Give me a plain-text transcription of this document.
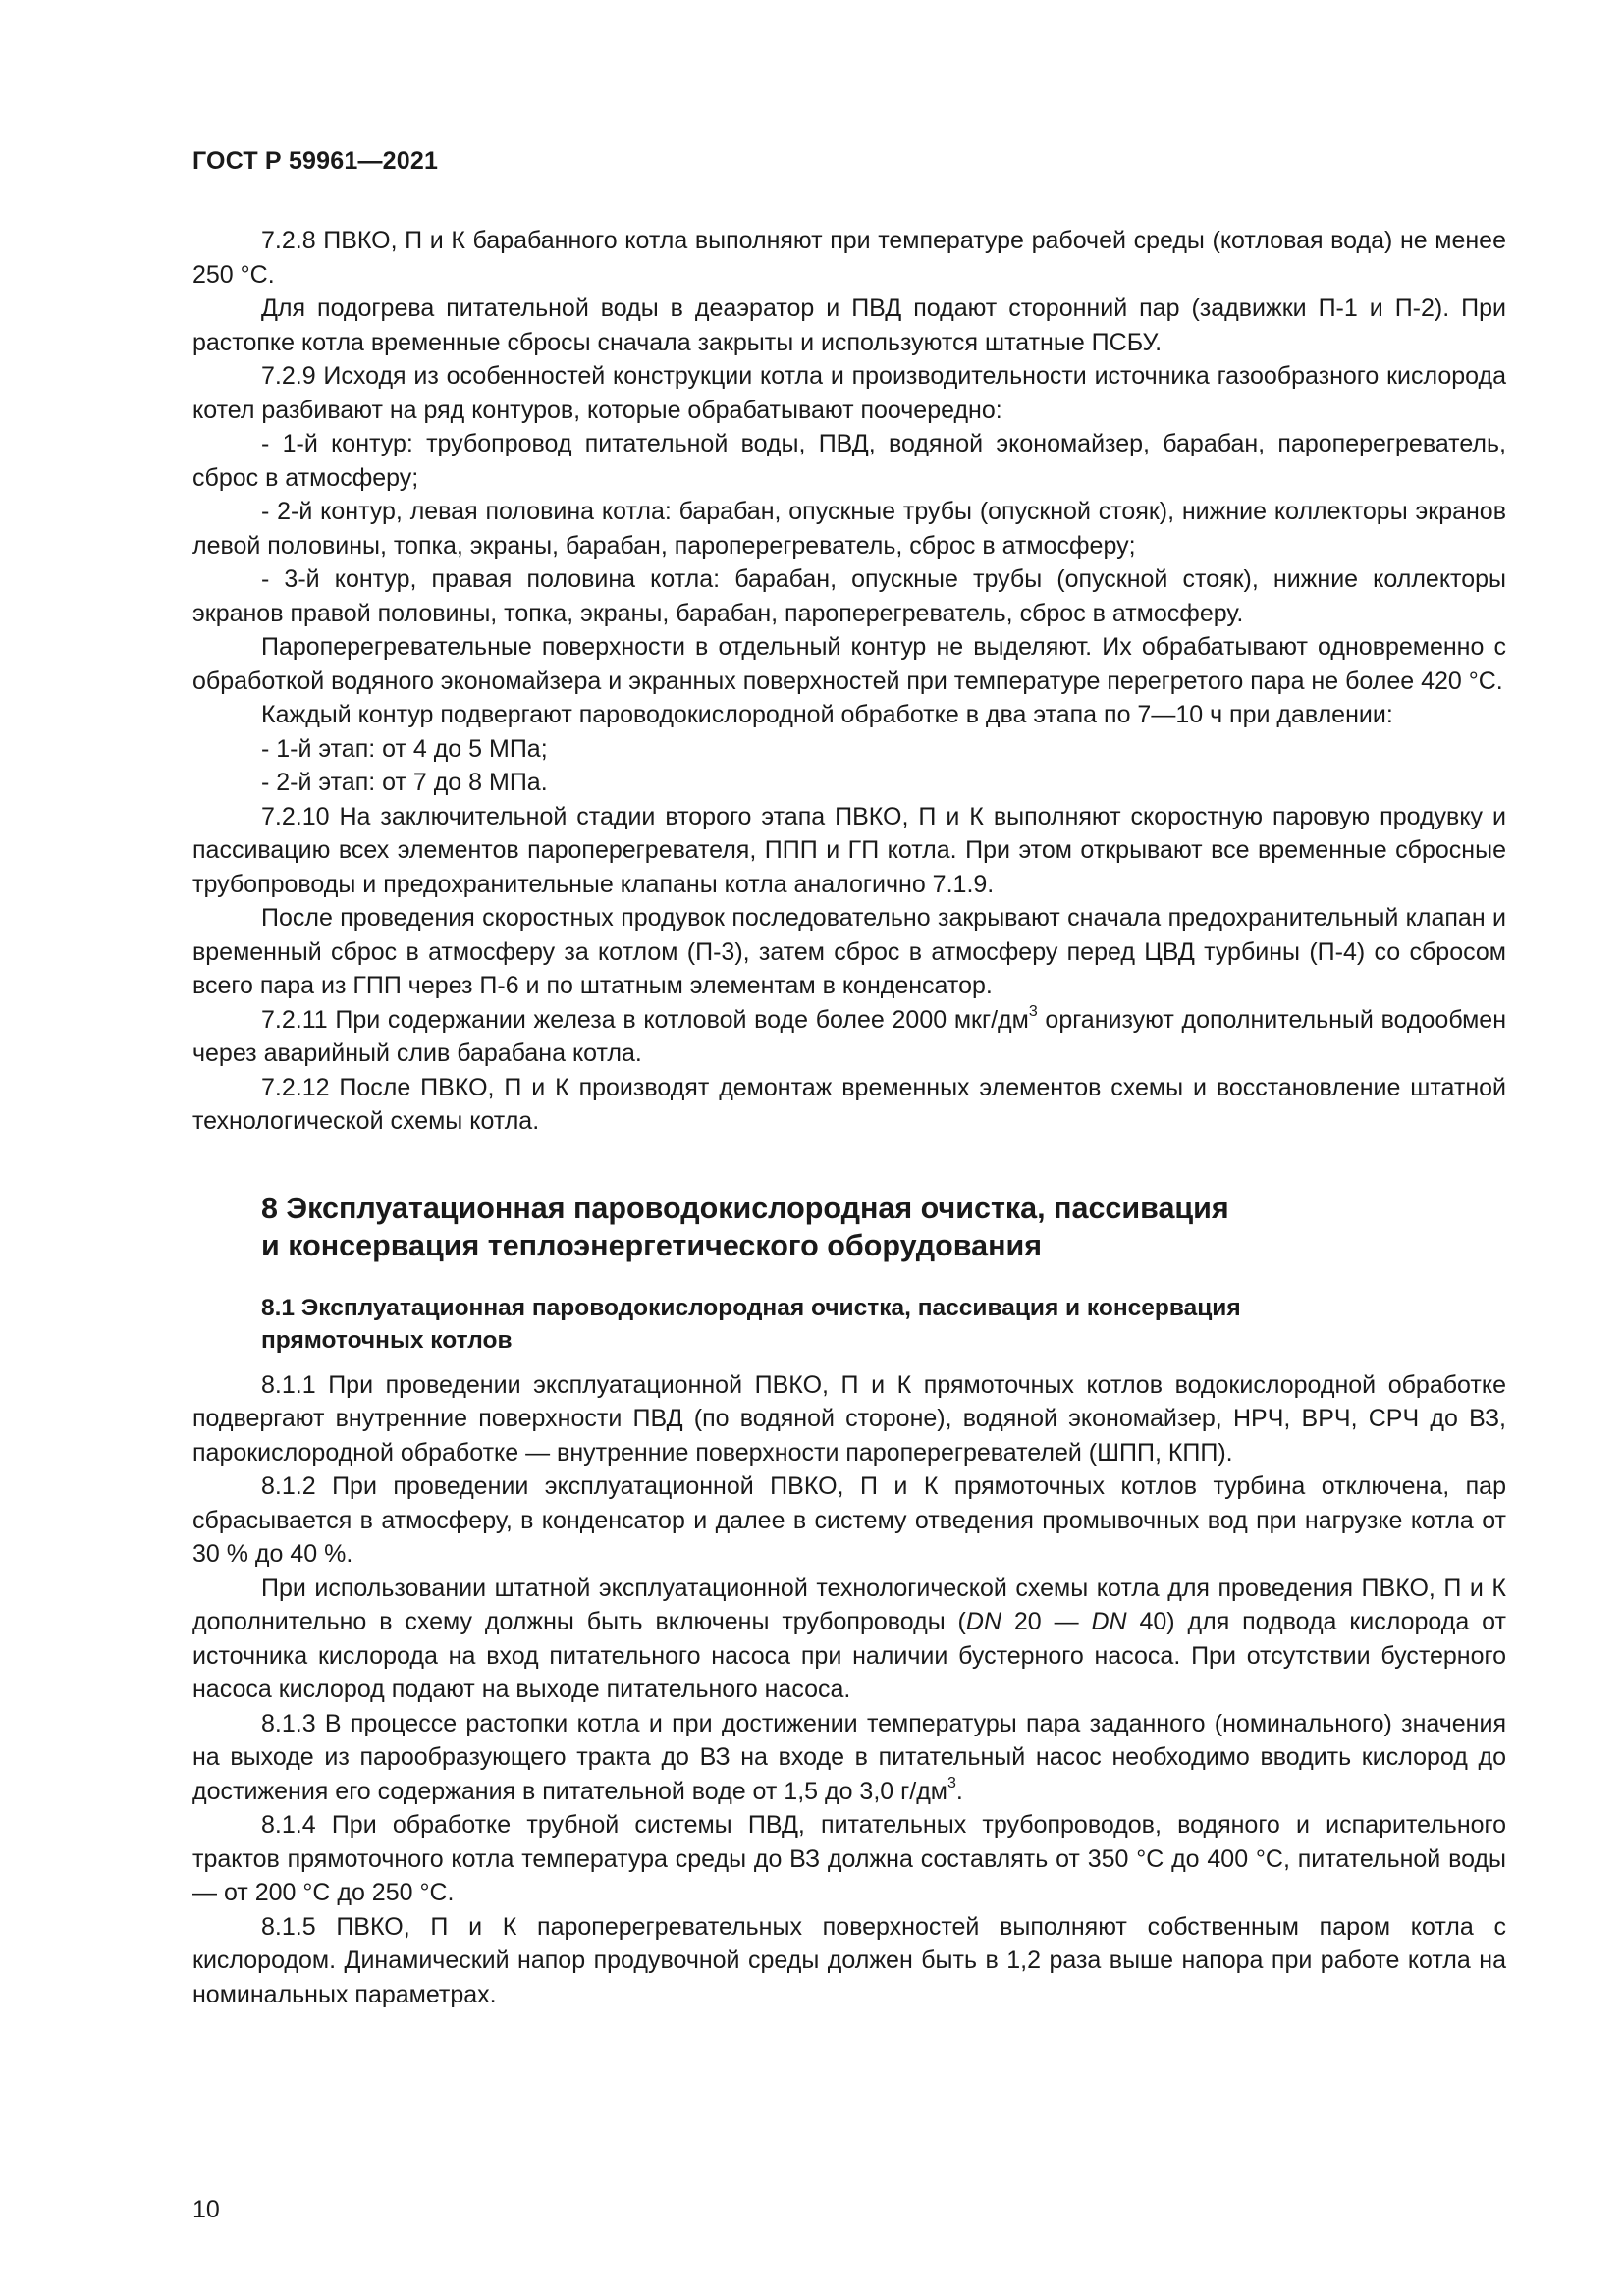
ГОСТ Р 59961—2021

7.2.8 ПВКО, П и К барабанного котла выполняют при температуре рабочей среды (котловая вода) не менее 250 °С.

Для подогрева питательной воды в деаэратор и ПВД подают сторонний пар (задвижки П-1 и П-2). При растопке котла временные сбросы сначала закрыты и используются штатные ПСБУ.

7.2.9 Исходя из особенностей конструкции котла и производительности источника газообразного кислорода котел разбивают на ряд контуров, которые обрабатывают поочередно:

- 1-й контур: трубопровод питательной воды, ПВД, водяной экономайзер, барабан, пароперегреватель, сброс в атмосферу;

- 2-й контур, левая половина котла: барабан, опускные трубы (опускной стояк), нижние коллекторы экранов левой половины, топка, экраны, барабан, пароперегреватель, сброс в атмосферу;

- 3-й контур, правая половина котла: барабан, опускные трубы (опускной стояк), нижние коллекторы экранов правой половины, топка, экраны, барабан, пароперегреватель, сброс в атмосферу.

Пароперегревательные поверхности в отдельный контур не выделяют. Их обрабатывают одновременно с обработкой водяного экономайзера и экранных поверхностей при температуре перегретого пара не более 420 °С.

Каждый контур подвергают пароводокислородной обработке в два этапа по 7—10 ч при давлении:

- 1-й этап: от 4 до 5 МПа;

- 2-й этап: от 7 до 8 МПа.

7.2.10 На заключительной стадии второго этапа ПВКО, П и К выполняют скоростную паровую продувку и пассивацию всех элементов пароперегревателя, ППП и ГП котла. При этом открывают все временные сбросные трубопроводы и предохранительные клапаны котла аналогично 7.1.9.

После проведения скоростных продувок последовательно закрывают сначала предохранительный клапан и временный сброс в атмосферу за котлом (П-3), затем сброс в атмосферу перед ЦВД турбины (П-4) со сбросом всего пара из ГПП через П-6 и по штатным элементам в конденсатор.

7.2.11 При содержании железа в котловой воде более 2000 мкг/$дм^3$ организуют дополнительный водообмен через аварийный слив барабана котла.

7.2.12 После ПВКО, П и К производят демонтаж временных элементов схемы и восстановление штатной технологической схемы котла.

8 Эксплуатационная пароводокислородная очистка, пассивация
и консервация теплоэнергетического оборудования

8.1 Эксплуатационная пароводокислородная очистка, пассивация и консервация
прямоточных котлов

8.1.1 При проведении эксплуатационной ПВКО, П и К прямоточных котлов водокислородной обработке подвергают внутренние поверхности ПВД (по водяной стороне), водяной экономайзер, НРЧ, ВРЧ, СРЧ до ВЗ, парокислородной обработке — внутренние поверхности пароперегревателей (ШПП, КПП).

8.1.2 При проведении эксплуатационной ПВКО, П и К прямоточных котлов турбина отключена, пар сбрасывается в атмосферу, в конденсатор и далее в систему отведения промывочных вод при нагрузке котла от 30 % до 40 %.

При использовании штатной эксплуатационной технологической схемы котла для проведения ПВКО, П и К дополнительно в схему должны быть включены трубопроводы (DN 20 — DN 40) для подвода кислорода от источника кислорода на вход питательного насоса при наличии бустерного насоса. При отсутствии бустерного насоса кислород подают на выходе питательного насоса.

8.1.3 В процессе растопки котла и при достижении температуры пара заданного (номинального) значения на выходе из парообразующего тракта до ВЗ на входе в питательный насос необходимо вводить кислород до достижения его содержания в питательной воде от 1,5 до 3,0 $г/дм^3$.

8.1.4 При обработке трубной системы ПВД, питательных трубопроводов, водяного и испарительного трактов прямоточного котла температура среды до ВЗ должна составлять от 350 °С до 400 °С, питательной воды — от 200 °С до 250 °С.

8.1.5 ПВКО, П и К пароперегревательных поверхностей выполняют собственным паром котла с кислородом. Динамический напор продувочной среды должен быть в 1,2 раза выше напора при работе котла на номинальных параметрах.

10
